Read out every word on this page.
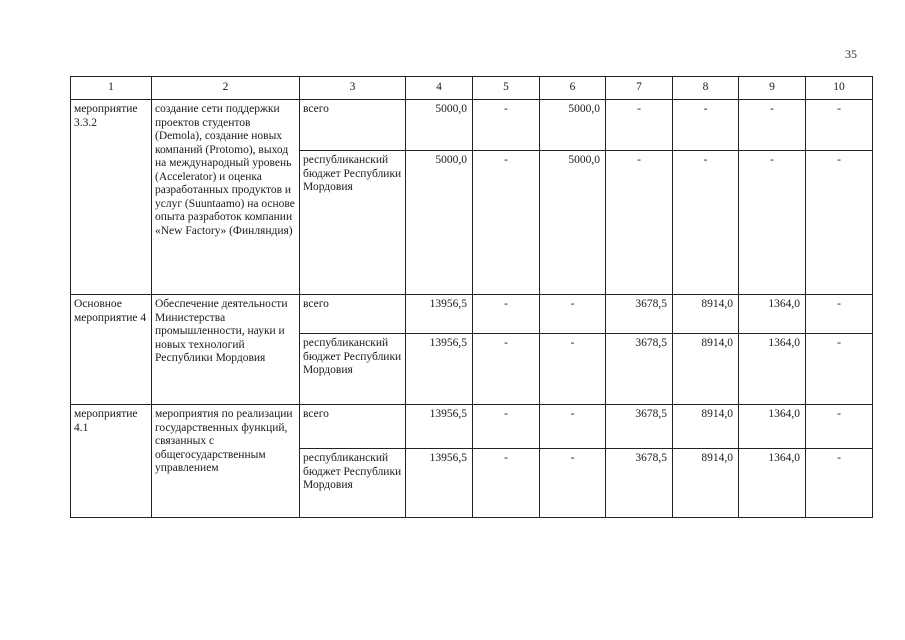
35
1	2	3	4	5	6	7	8	9	10
мероприятие 3.3.2	создание сети поддержки проектов студентов (Demola), создание новых компаний (Protomo), выход на международный уровень (Accelerator) и оценка разработанных продуктов и услуг (Suuntaamo) на основе опыта разработок компании «New Factory» (Финляндия)	всего	5000,0	-	5000,0	-	-	-	-
		республиканский бюджет Республики Мордовия	5000,0	-	5000,0	-	-	-	-
Основное мероприятие 4	Обеспечение деятельности Министерства промышленности, науки и новых технологий Республики Мордовия	всего	13956,5	-	-	3678,5	8914,0	1364,0	-
		республиканский бюджет Республики Мордовия	13956,5	-	-	3678,5	8914,0	1364,0	-
мероприятие 4.1	мероприятия по реализации государственных функций, связанных с общегосударственным управлением	всего	13956,5	-	-	3678,5	8914,0	1364,0	-
		республиканский бюджет Республики Мордовия	13956,5	-	-	3678,5	8914,0	1364,0	-
